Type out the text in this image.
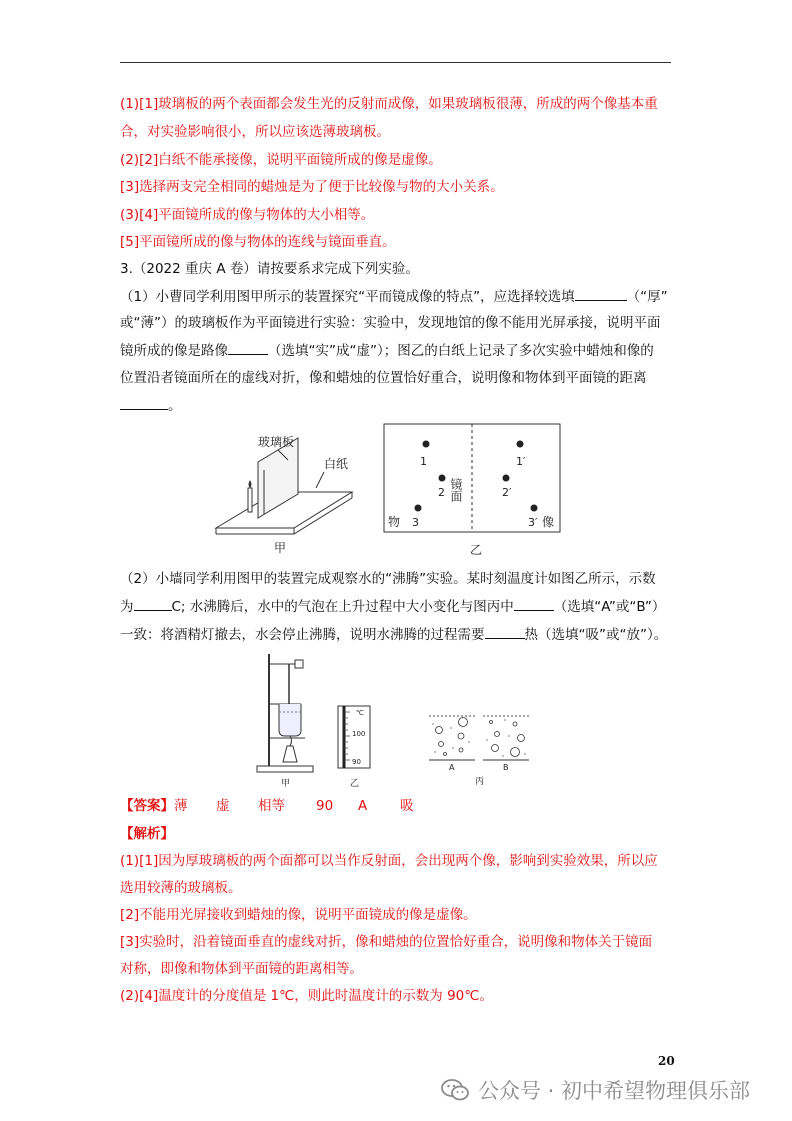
(1)[1]玻璃板的两个表面都会发生光的反射而成像，如果玻璃板很薄，所成的两个像基本重
合，对实验影响很小，所以应该选薄玻璃板。
(2)[2]白纸不能承接像，说明平面镜所成的像是虚像。
[3]选择两支完全相同的蜡烛是为了便于比较像与物的大小关系。
(3)[4]平面镜所成的像与物体的大小相等。
[5]平面镜所成的像与物体的连线与镜面垂直。
3.（2022 重庆 A 卷）请按要系求完成下列实验。
（1）小曹同学利用图甲所示的装置探究“平而镜成像的特点”，应选择较选填	（“厚”
或“薄”）的玻璃板作为平面镜进行实验：实验中，发现地馆的像不能用光屏承接，说明平面
镜所成的像是路像	（选填“实”成“虚”）；图乙的白纸上记录了多次实验中蜡烛和像的
位置沿者镜面所在的虚线对折，像和蜡烛的位置恰好重合，说明像和物体到平面镜的距离
。
玻璃板
白纸
甲
1
2
3
1′
2′
3′
镜面
物	像
乙
（2）小墙同学利用图甲的装置完成观察水的“沸腾”实验。某时刻温度计如图乙所示，示数
为	C; 水沸腾后，水中的气泡在上升过程中大小变化与图丙中	（选填“A”或“B”）
一致：将酒精灯撤去，水会停止沸腾，说明水沸腾的过程需要	热（选填“吸”或“放”）。
甲
℃
100
90
乙
A	B
丙
【答案】薄 虚 相等 90 A 吸
【解析】
(1)[1]因为厚玻璃板的两个面都可以当作反射面，会出现两个像，影响到实验效果，所以应
选用较薄的玻璃板。
[2]不能用光屏接收到蜡烛的像，说明平面镜成的像是虚像。
[3]实验时，沿着镜面垂直的虚线对折，像和蜡烛的位置恰好重合，说明像和物体关于镜面
对称，即像和物体到平面镜的距离相等。
(2)[4]温度计的分度值是 1℃，则此时温度计的示数为 90℃。
20
公众号 · 初中希望物理俱乐部
